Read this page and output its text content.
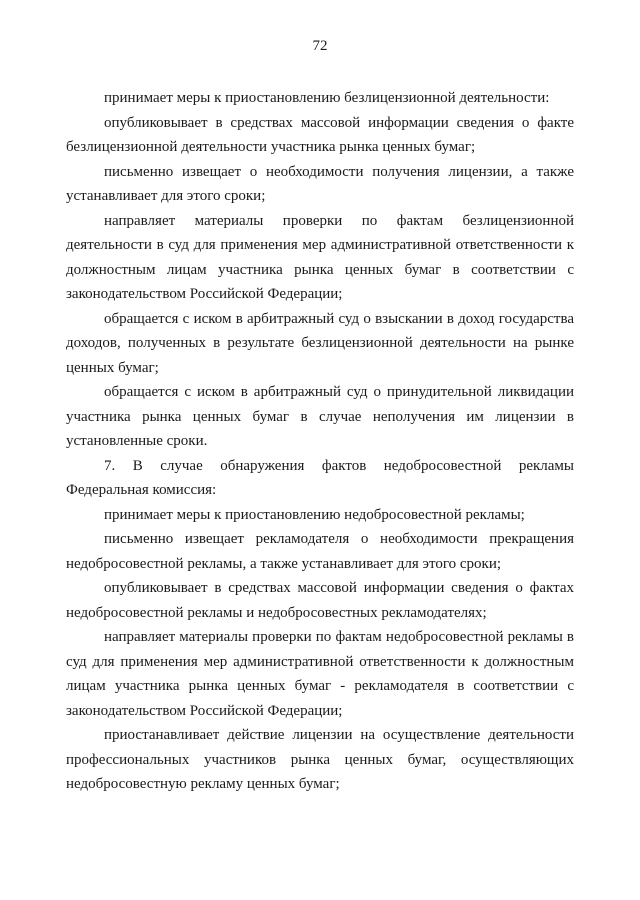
72

принимает меры к приостановлению безлицензионной деятельности:

опубликовывает в средствах массовой информации сведения о факте безлицензионной деятельности участника рынка ценных бумаг;

письменно извещает о необходимости получения лицензии, а также устанавливает для этого сроки;

направляет материалы проверки по фактам безлицензионной деятельности в суд для применения мер административной ответственности к должностным лицам участника рынка ценных бумаг в соответствии с законодательством Российской Федерации;

обращается с иском в арбитражный суд о взыскании в доход государства доходов, полученных в результате безлицензионной деятельности на рынке ценных бумаг;

обращается с иском в арбитражный суд о принудительной ликвидации участника рынка ценных бумаг в случае неполучения им лицензии в установленные сроки.

7. В случае обнаружения фактов недобросовестной рекламы Федеральная комиссия:

принимает меры к приостановлению недобросовестной рекламы;

письменно извещает рекламодателя о необходимости прекращения недобросовестной рекламы, а также устанавливает для этого сроки;

опубликовывает в средствах массовой информации сведения о фактах недобросовестной рекламы и недобросовестных рекламодателях;

направляет материалы проверки по фактам недобросовестной рекламы в суд для применения мер административной ответственности к должностным лицам участника рынка ценных бумаг - рекламодателя в соответствии с законодательством Российской Федерации;

приостанавливает действие лицензии на осуществление деятельности профессиональных участников рынка ценных бумаг, осуществляющих недобросовестную рекламу ценных бумаг;
